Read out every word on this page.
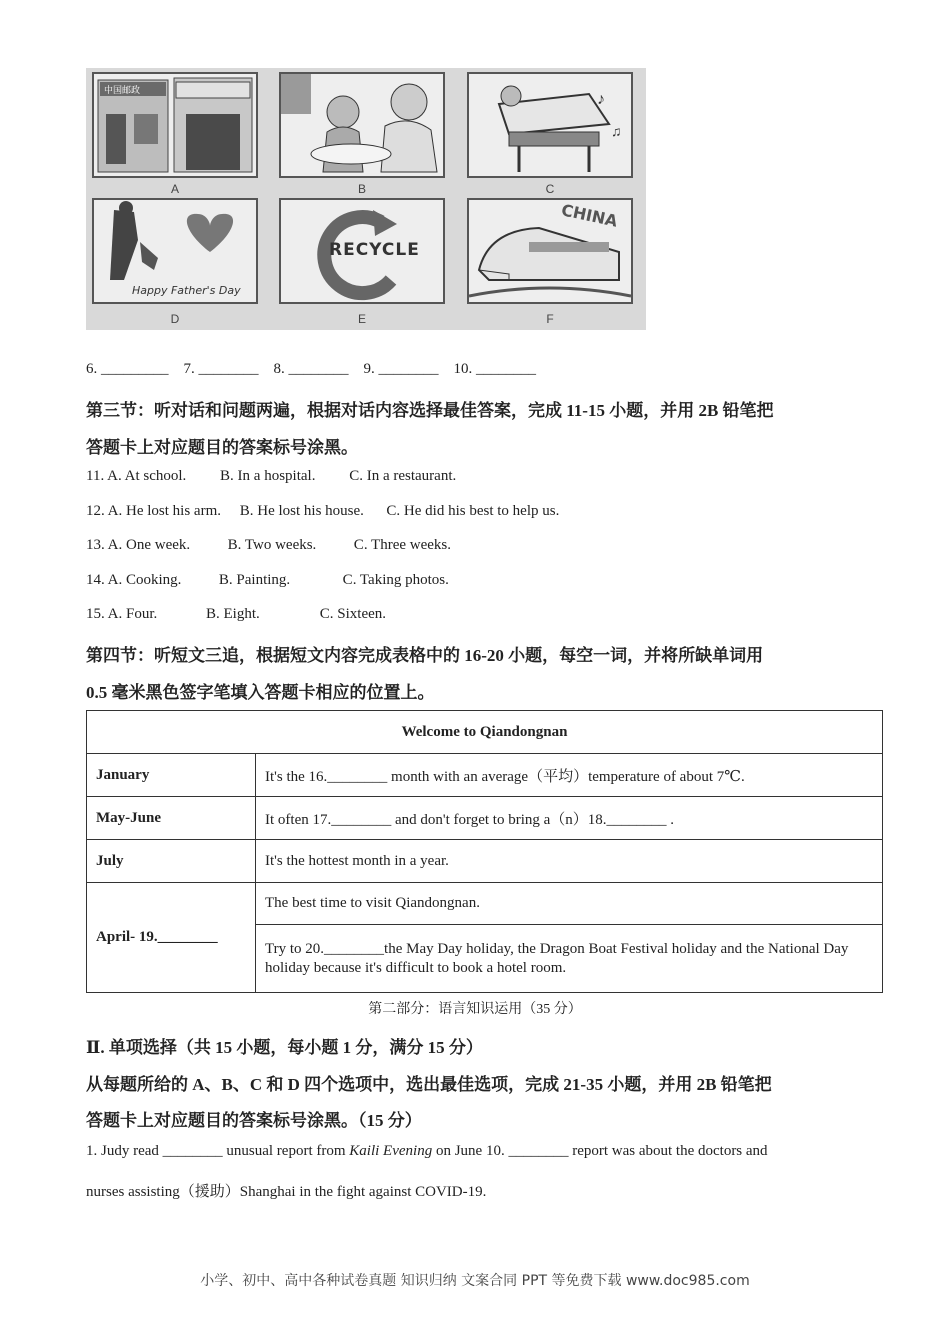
中国邮政
A	B
♪
♫
C
Happy Father's Day
D
RECYCLE
E
CHINA
F
6. _________    7. ________    8. ________    9. ________    10. ________
第三节：听对话和问题两遍，根据对话内容选择最佳答案，完成 11-15 小题，并用 2B 铅笔把
答题卡上对应题目的答案标号涂黑。
11. A. At school.         B. In a hospital.         C. In a restaurant.
12. A. He lost his arm.     B. He lost his house.      C. He did his best to help us.
13. A. One week.          B. Two weeks.          C. Three weeks.
14. A. Cooking.          B. Painting.              C. Taking photos.
15. A. Four.             B. Eight.                C. Sixteen.
第四节：听短文三追，根据短文内容完成表格中的 16-20 小题，每空一词，并将所缺单词用
0.5 毫米黑色签字笔填入答题卡相应的位置上。
Welcome to Qiandongnan	
January	It's the 16.________ month with an average（平均）temperature of about 7℃.
May-June	It often 17.________ and don't forget to bring a（n）18.________ .
July	It's the hottest month in a year.
April- 19.________	The best time to visit Qiandongnan.
	Try to 20.________the May Day holiday, the Dragon Boat Festival holiday and the National Day holiday because it's difficult to book a hotel room.
第二部分：语言知识运用（35 分）
Ⅱ. 单项选择（共 15 小题，每小题 1 分，满分 15 分）
从每题所给的 A、B、C 和 D 四个选项中，选出最佳选项，完成 21-35 小题，并用 2B 铅笔把
答题卡上对应题目的答案标号涂黑。（15 分）
1. Judy read ________ unusual report from Kaili Evening on June 10. ________ report was about the doctors and
nurses assisting（援助）Shanghai in the fight against COVID-19.
小学、初中、高中各种试卷真题 知识归纳 文案合同 PPT 等免费下载 www.doc985.com
